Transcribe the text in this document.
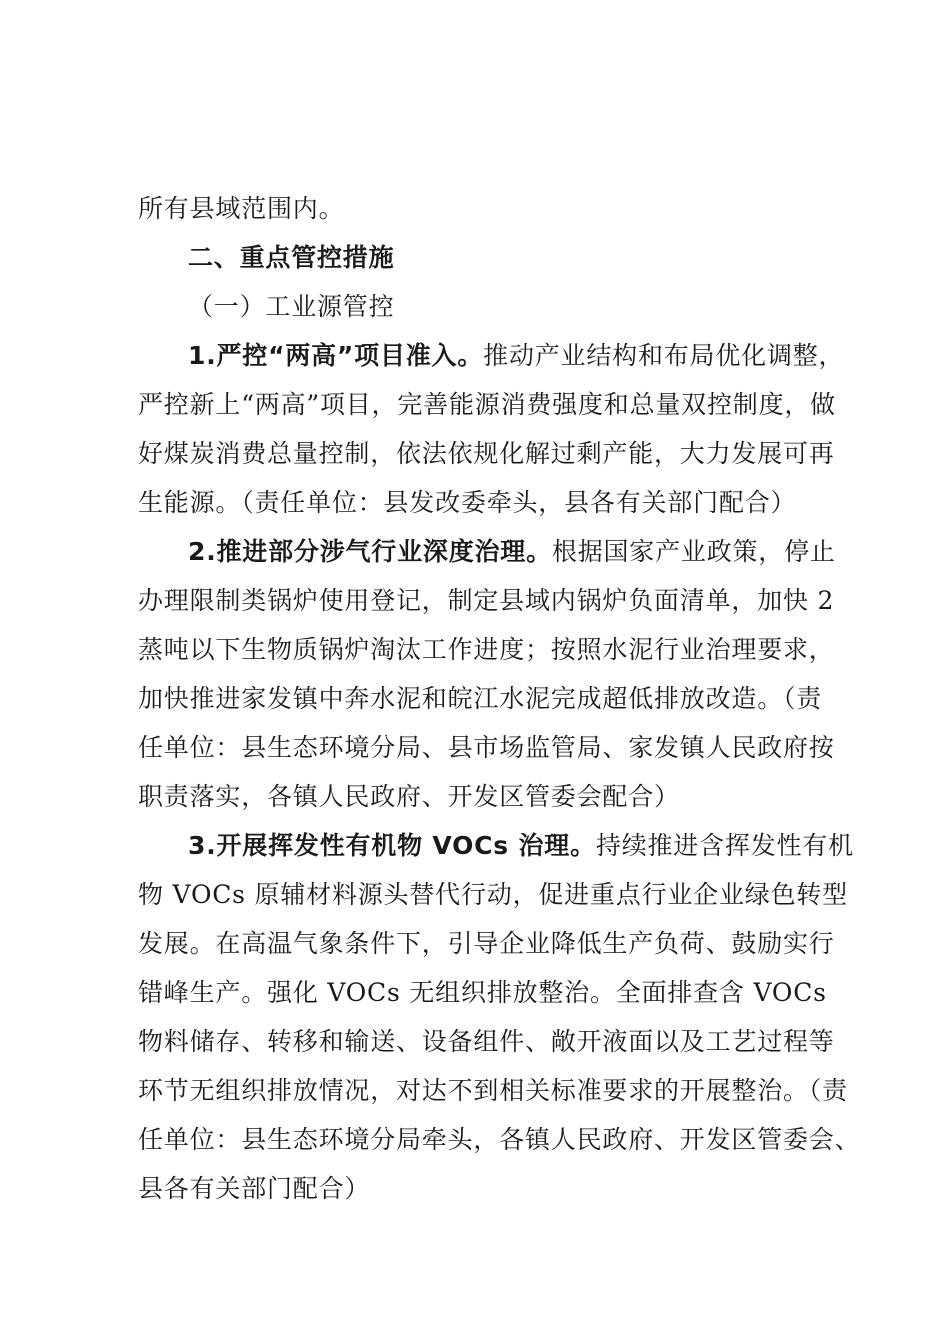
所有县域范围内。
二、重点管控措施
（一）工业源管控
1.严控“两高”项目准入。推动产业结构和布局优化调整，
严控新上“两高”项目，完善能源消费强度和总量双控制度，做
好煤炭消费总量控制，依法依规化解过剩产能，大力发展可再
生能源。（责任单位：县发改委牵头，县各有关部门配合）
2.推进部分涉气行业深度治理。根据国家产业政策，停止
办理限制类锅炉使用登记，制定县域内锅炉负面清单，加快 2
蒸吨以下生物质锅炉淘汰工作进度；按照水泥行业治理要求，
加快推进家发镇中奔水泥和皖江水泥完成超低排放改造。（责
任单位：县生态环境分局、县市场监管局、家发镇人民政府按
职责落实，各镇人民政府、开发区管委会配合）
3.开展挥发性有机物 VOCs 治理。持续推进含挥发性有机
物 VOCs 原辅材料源头替代行动，促进重点行业企业绿色转型
发展。在高温气象条件下，引导企业降低生产负荷、鼓励实行
错峰生产。强化 VOCs 无组织排放整治。全面排查含 VOCs
物料储存、转移和输送、设备组件、敞开液面以及工艺过程等
环节无组织排放情况，对达不到相关标准要求的开展整治。（责
任单位：县生态环境分局牵头，各镇人民政府、开发区管委会、
县各有关部门配合）
